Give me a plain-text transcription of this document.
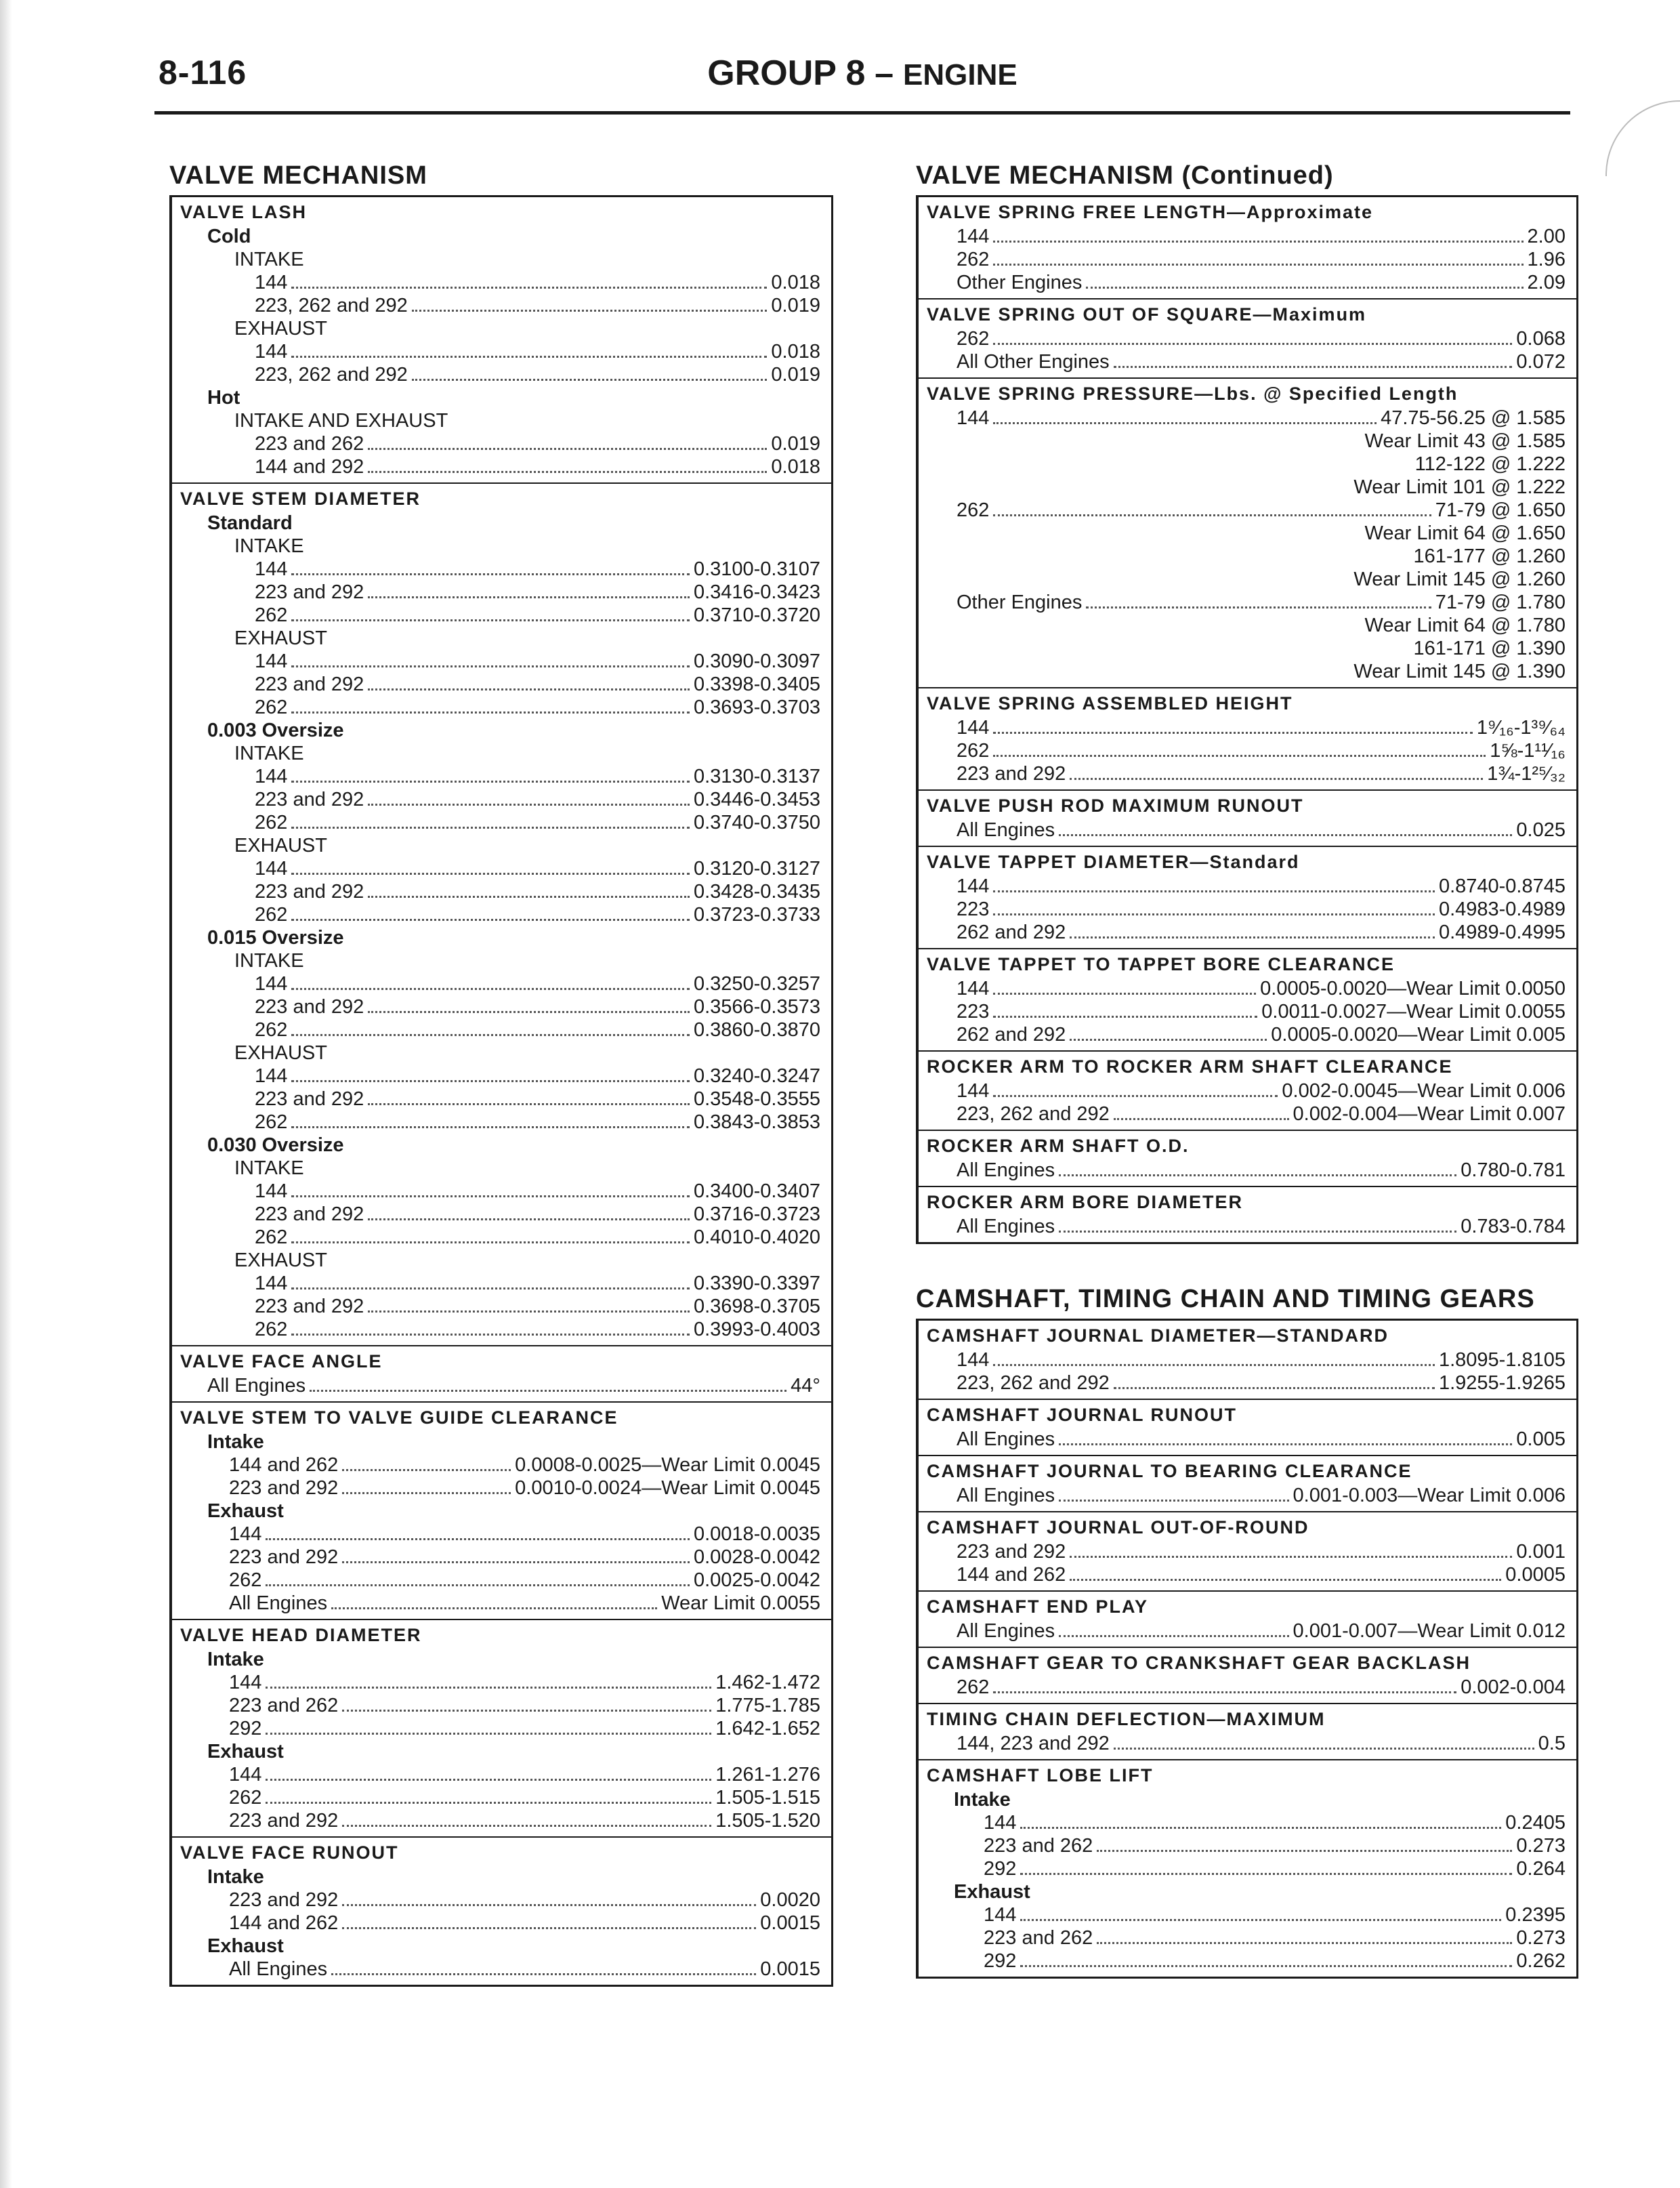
8-116	GROUP 8 – ENGINE
VALVE MECHANISM
VALVE LASH
Cold
INTAKE
144	0.018
223, 262 and 292	0.019
EXHAUST
144	0.018
223, 262 and 292	0.019
Hot
INTAKE AND EXHAUST
223 and 262	0.019
144 and 292	0.018
VALVE STEM DIAMETER
Standard
INTAKE
144	0.3100-0.3107
223 and 292	0.3416-0.3423
262	0.3710-0.3720
EXHAUST
144	0.3090-0.3097
223 and 292	0.3398-0.3405
262	0.3693-0.3703
0.003 Oversize
INTAKE
144	0.3130-0.3137
223 and 292	0.3446-0.3453
262	0.3740-0.3750
EXHAUST
144	0.3120-0.3127
223 and 292	0.3428-0.3435
262	0.3723-0.3733
0.015 Oversize
INTAKE
144	0.3250-0.3257
223 and 292	0.3566-0.3573
262	0.3860-0.3870
EXHAUST
144	0.3240-0.3247
223 and 292	0.3548-0.3555
262	0.3843-0.3853
0.030 Oversize
INTAKE
144	0.3400-0.3407
223 and 292	0.3716-0.3723
262	0.4010-0.4020
EXHAUST
144	0.3390-0.3397
223 and 292	0.3698-0.3705
262	0.3993-0.4003
VALVE FACE ANGLE
All Engines	44°
VALVE STEM TO VALVE GUIDE CLEARANCE
Intake
144 and 262	0.0008-0.0025—Wear Limit 0.0045
223 and 292	0.0010-0.0024—Wear Limit 0.0045
Exhaust
144	0.0018-0.0035
223 and 292	0.0028-0.0042
262	0.0025-0.0042
All Engines	Wear Limit 0.0055
VALVE HEAD DIAMETER
Intake
144	1.462-1.472
223 and 262	1.775-1.785
292	1.642-1.652
Exhaust
144	1.261-1.276
262	1.505-1.515
223 and 292	1.505-1.520
VALVE FACE RUNOUT
Intake
223 and 292	0.0020
144 and 262	0.0015
Exhaust
All Engines	0.0015
VALVE MECHANISM (Continued)
VALVE SPRING FREE LENGTH—Approximate
144	2.00
262	1.96
Other Engines	2.09
VALVE SPRING OUT OF SQUARE—Maximum
262	0.068
All Other Engines	0.072
VALVE SPRING PRESSURE—Lbs. @ Specified Length
144	47.75-56.25 @ 1.585
Wear Limit 43 @ 1.585
112-122 @ 1.222
Wear Limit 101 @ 1.222
262	71-79 @ 1.650
Wear Limit 64 @ 1.650
161-177 @ 1.260
Wear Limit 145 @ 1.260
Other Engines	71-79 @ 1.780
Wear Limit 64 @ 1.780
161-171 @ 1.390
Wear Limit 145 @ 1.390
VALVE SPRING ASSEMBLED HEIGHT
144	1⁹⁄₁₆-1³⁹⁄₆₄
262	1⅝-1¹¹⁄₁₆
223 and 292	1¾-1²⁵⁄₃₂
VALVE PUSH ROD MAXIMUM RUNOUT
All Engines	0.025
VALVE TAPPET DIAMETER—Standard
144	0.8740-0.8745
223	0.4983-0.4989
262 and 292	0.4989-0.4995
VALVE TAPPET TO TAPPET BORE CLEARANCE
144	0.0005-0.0020—Wear Limit 0.0050
223	0.0011-0.0027—Wear Limit 0.0055
262 and 292	0.0005-0.0020—Wear Limit 0.005
ROCKER ARM TO ROCKER ARM SHAFT CLEARANCE
144	0.002-0.0045—Wear Limit 0.006
223, 262 and 292	0.002-0.004—Wear Limit 0.007
ROCKER ARM SHAFT O.D.
All Engines	0.780-0.781
ROCKER ARM BORE DIAMETER
All Engines	0.783-0.784
CAMSHAFT, TIMING CHAIN AND TIMING GEARS
CAMSHAFT JOURNAL DIAMETER—STANDARD
144	1.8095-1.8105
223, 262 and 292	1.9255-1.9265
CAMSHAFT JOURNAL RUNOUT
All Engines	0.005
CAMSHAFT JOURNAL TO BEARING CLEARANCE
All Engines	0.001-0.003—Wear Limit 0.006
CAMSHAFT JOURNAL OUT-OF-ROUND
223 and 292	0.001
144 and 262	0.0005
CAMSHAFT END PLAY
All Engines	0.001-0.007—Wear Limit 0.012
CAMSHAFT GEAR TO CRANKSHAFT GEAR BACKLASH
262	0.002-0.004
TIMING CHAIN DEFLECTION—MAXIMUM
144, 223 and 292	0.5
CAMSHAFT LOBE LIFT
Intake
144	0.2405
223 and 262	0.273
292	0.264
Exhaust
144	0.2395
223 and 262	0.273
292	0.262
